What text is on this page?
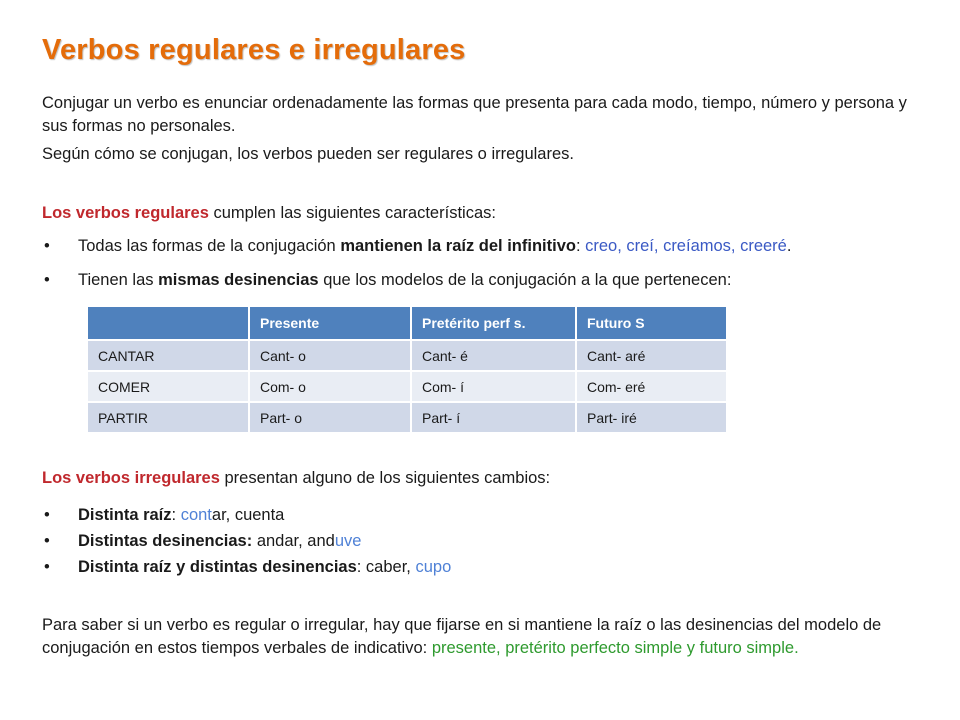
Verbos regulares e irregulares

Conjugar un verbo es enunciar ordenadamente las formas que presenta para cada modo, tiempo, número y persona y sus formas no personales.

Según cómo se conjugan, los verbos pueden ser regulares o irregulares.

Los verbos regulares cumplen las siguientes características:

• Todas las formas de la conjugación mantienen la raíz del infinitivo: creo, creí, creíamos, creeré.
• Tienen las mismas desinencias que los modelos de la conjugación a la que pertenecen:
	Presente	Pretérito perf s.	Futuro S
CANTAR	Cant- o	Cant- é	Cant- aré
COMER	Com- o	Com- í	Com- eré
PARTIR	Part- o	Part- í	Part- iré

Los verbos irregulares presentan alguno de los siguientes cambios:

• Distinta raíz: contar, cuenta
• Distintas desinencias: andar, anduve
• Distinta raíz y distintas desinencias: caber, cupo

Para saber si un verbo es regular o irregular, hay que fijarse en si mantiene la raíz o las desinencias del modelo de conjugación en estos tiempos verbales de indicativo: presente, pretérito perfecto simple y futuro simple.
